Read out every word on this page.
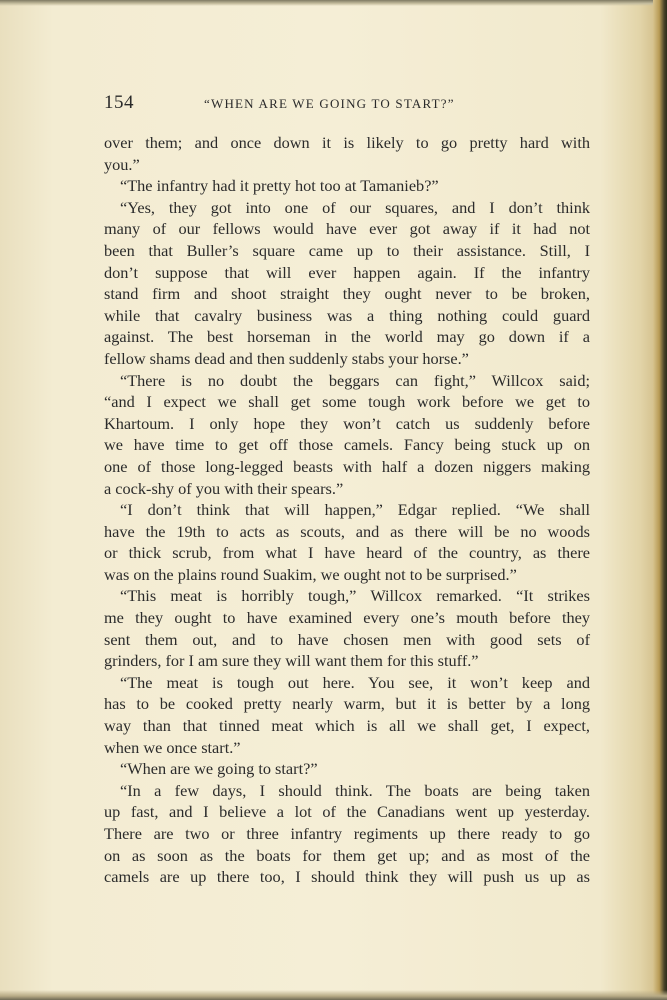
154	“WHEN ARE WE GOING TO START?”
over them; and once down it is likely to go pretty hard with
you.”
“The infantry had it pretty hot too at Tamanieb?”
“Yes, they got into one of our squares, and I don’t think
many of our fellows would have ever got away if it had not
been that Buller’s square came up to their assistance. Still, I
don’t suppose that will ever happen again. If the infantry
stand firm and shoot straight they ought never to be broken,
while that cavalry business was a thing nothing could guard
against. The best horseman in the world may go down if a
fellow shams dead and then suddenly stabs your horse.”
“There is no doubt the beggars can fight,” Willcox said;
“and I expect we shall get some tough work before we get to
Khartoum. I only hope they won’t catch us suddenly before
we have time to get off those camels. Fancy being stuck up on
one of those long-legged beasts with half a dozen niggers making
a cock-shy of you with their spears.”
“I don’t think that will happen,” Edgar replied. “We shall
have the 19th to acts as scouts, and as there will be no woods
or thick scrub, from what I have heard of the country, as there
was on the plains round Suakim, we ought not to be surprised.”
“This meat is horribly tough,” Willcox remarked. “It strikes
me they ought to have examined every one’s mouth before they
sent them out, and to have chosen men with good sets of
grinders, for I am sure they will want them for this stuff.”
“The meat is tough out here. You see, it won’t keep and
has to be cooked pretty nearly warm, but it is better by a long
way than that tinned meat which is all we shall get, I expect,
when we once start.”
“When are we going to start?”
“In a few days, I should think. The boats are being taken
up fast, and I believe a lot of the Canadians went up yesterday.
There are two or three infantry regiments up there ready to go
on as soon as the boats for them get up; and as most of the
camels are up there too, I should think they will push us up as
